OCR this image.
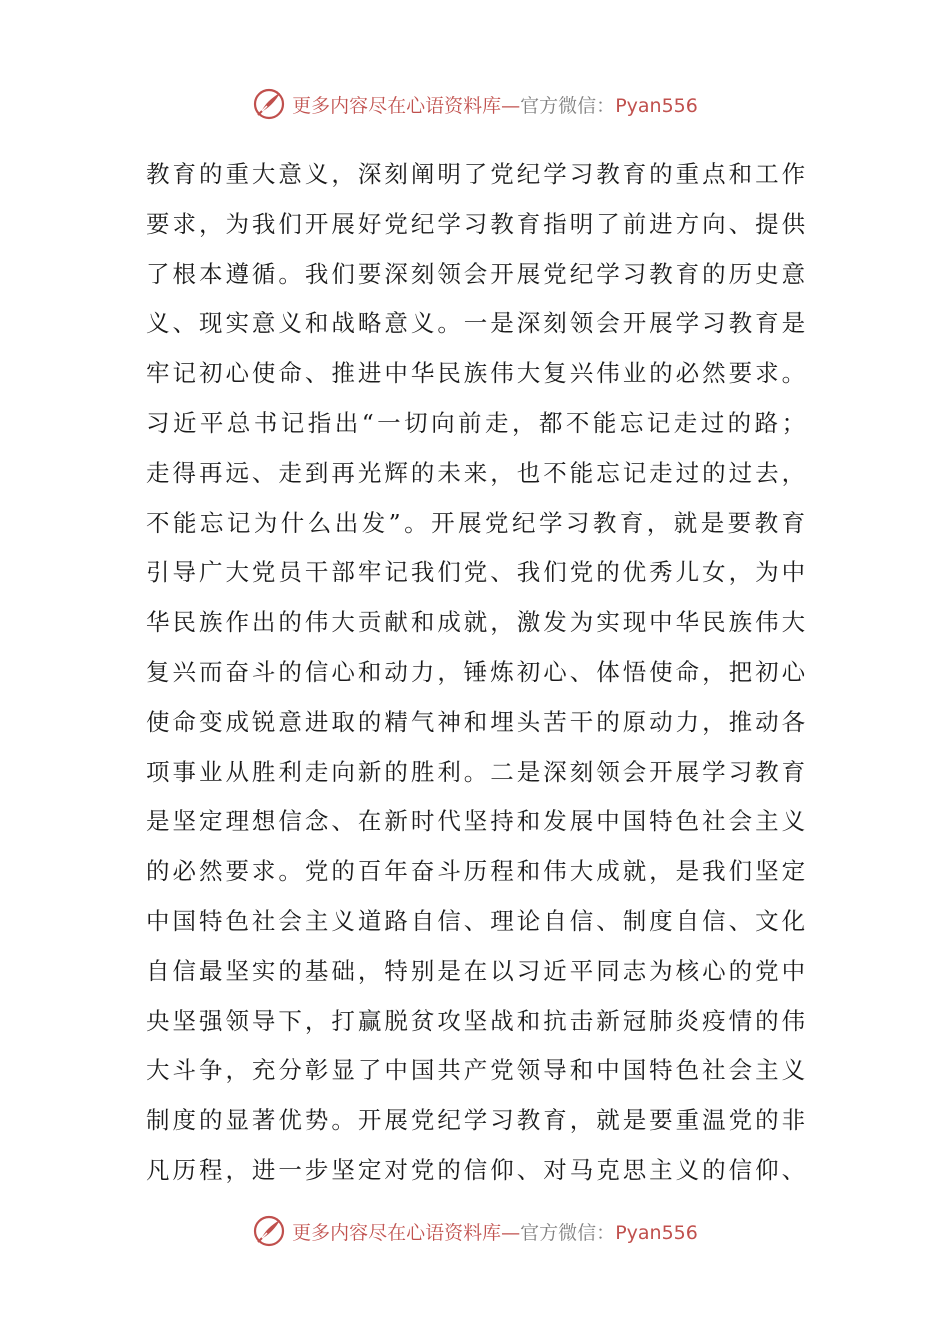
更多内容尽在心语资料库—官方微信：Pyan556
教育的重大意义，深刻阐明了党纪学习教育的重点和工作
要求，为我们开展好党纪学习教育指明了前进方向、提供
了根本遵循。我们要深刻领会开展党纪学习教育的历史意
义、现实意义和战略意义。一是深刻领会开展学习教育是
牢记初心使命、推进中华民族伟大复兴伟业的必然要求。
习近平总书记指出“一切向前走，都不能忘记走过的路；
走得再远、走到再光辉的未来，也不能忘记走过的过去，
不能忘记为什么出发”。开展党纪学习教育，就是要教育
引导广大党员干部牢记我们党、我们党的优秀儿女，为中
华民族作出的伟大贡献和成就，激发为实现中华民族伟大
复兴而奋斗的信心和动力，锤炼初心、体悟使命，把初心
使命变成锐意进取的精气神和埋头苦干的原动力，推动各
项事业从胜利走向新的胜利。二是深刻领会开展学习教育
是坚定理想信念、在新时代坚持和发展中国特色社会主义
的必然要求。党的百年奋斗历程和伟大成就，是我们坚定
中国特色社会主义道路自信、理论自信、制度自信、文化
自信最坚实的基础，特别是在以习近平同志为核心的党中
央坚强领导下，打赢脱贫攻坚战和抗击新冠肺炎疫情的伟
大斗争，充分彰显了中国共产党领导和中国特色社会主义
制度的显著优势。开展党纪学习教育，就是要重温党的非
凡历程，进一步坚定对党的信仰、对马克思主义的信仰、
更多内容尽在心语资料库—官方微信：Pyan556
